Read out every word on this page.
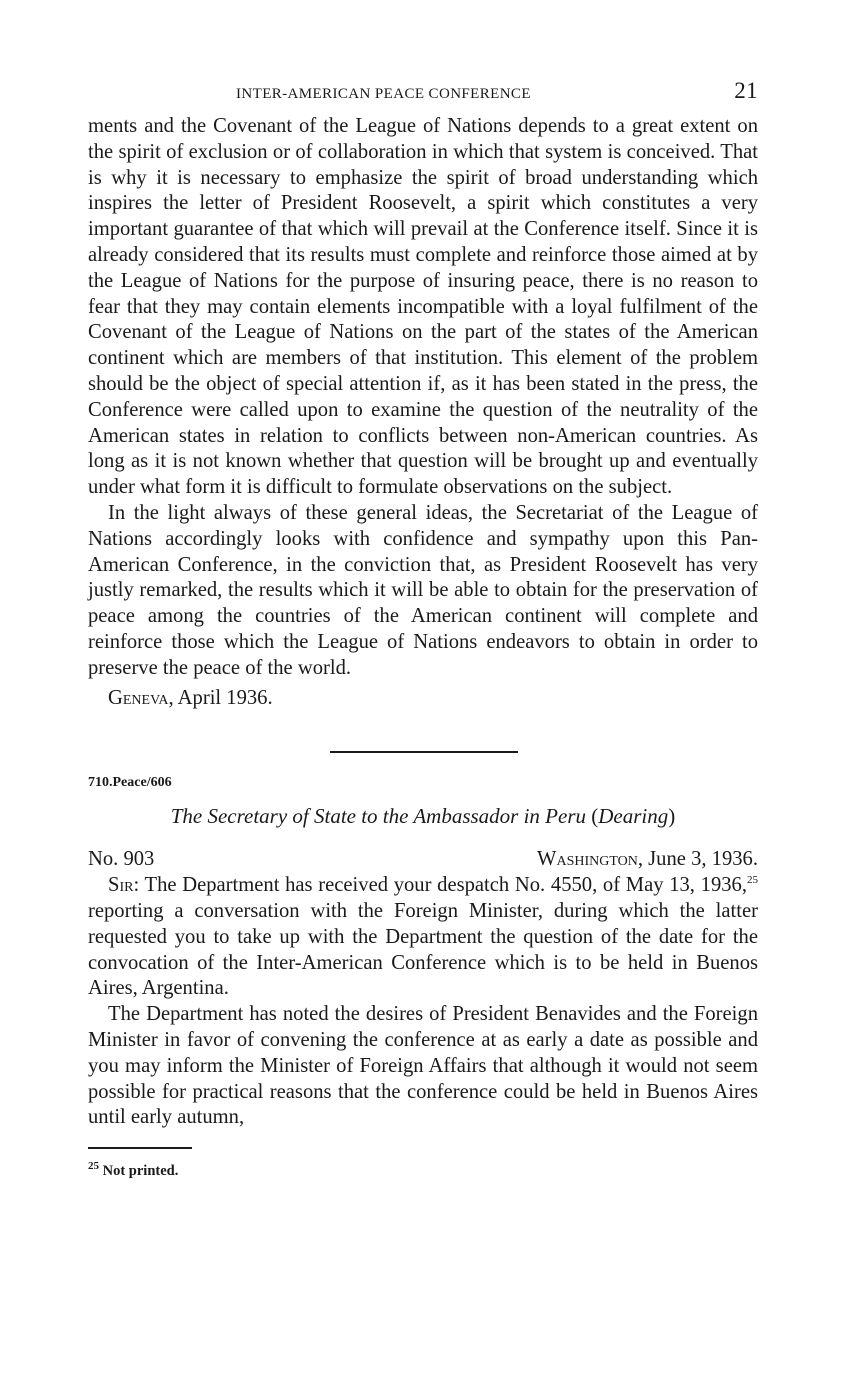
INTER-AMERICAN PEACE CONFERENCE	21

ments and the Covenant of the League of Nations depends to a great extent on the spirit of exclusion or of collaboration in which that system is conceived. That is why it is necessary to emphasize the spirit of broad understanding which inspires the letter of President Roosevelt, a spirit which constitutes a very important guarantee of that which will prevail at the Conference itself. Since it is already considered that its results must complete and reinforce those aimed at by the League of Nations for the purpose of insuring peace, there is no reason to fear that they may contain elements incompatible with a loyal fulfilment of the Covenant of the League of Nations on the part of the states of the American continent which are members of that institution. This element of the problem should be the object of special attention if, as it has been stated in the press, the Conference were called upon to examine the question of the neutrality of the American states in relation to conflicts between non-American countries. As long as it is not known whether that question will be brought up and eventually under what form it is difficult to formulate observations on the subject.

In the light always of these general ideas, the Secretariat of the League of Nations accordingly looks with confidence and sympathy upon this Pan-American Conference, in the conviction that, as President Roosevelt has very justly remarked, the results which it will be able to obtain for the preservation of peace among the countries of the American continent will complete and reinforce those which the League of Nations endeavors to obtain in order to preserve the peace of the world.

Geneva, April 1936.

710.Peace/606
The Secretary of State to the Ambassador in Peru (Dearing)
No. 903	Washington, June 3, 1936.

Sir: The Department has received your despatch No. 4550, of May 13, 1936,25 reporting a conversation with the Foreign Minister, during which the latter requested you to take up with the Department the question of the date for the convocation of the Inter-American Conference which is to be held in Buenos Aires, Argentina.

The Department has noted the desires of President Benavides and the Foreign Minister in favor of convening the conference at as early a date as possible and you may inform the Minister of Foreign Affairs that although it would not seem possible for practical reasons that the conference could be held in Buenos Aires until early autumn,

$^{25}$ Not printed.
